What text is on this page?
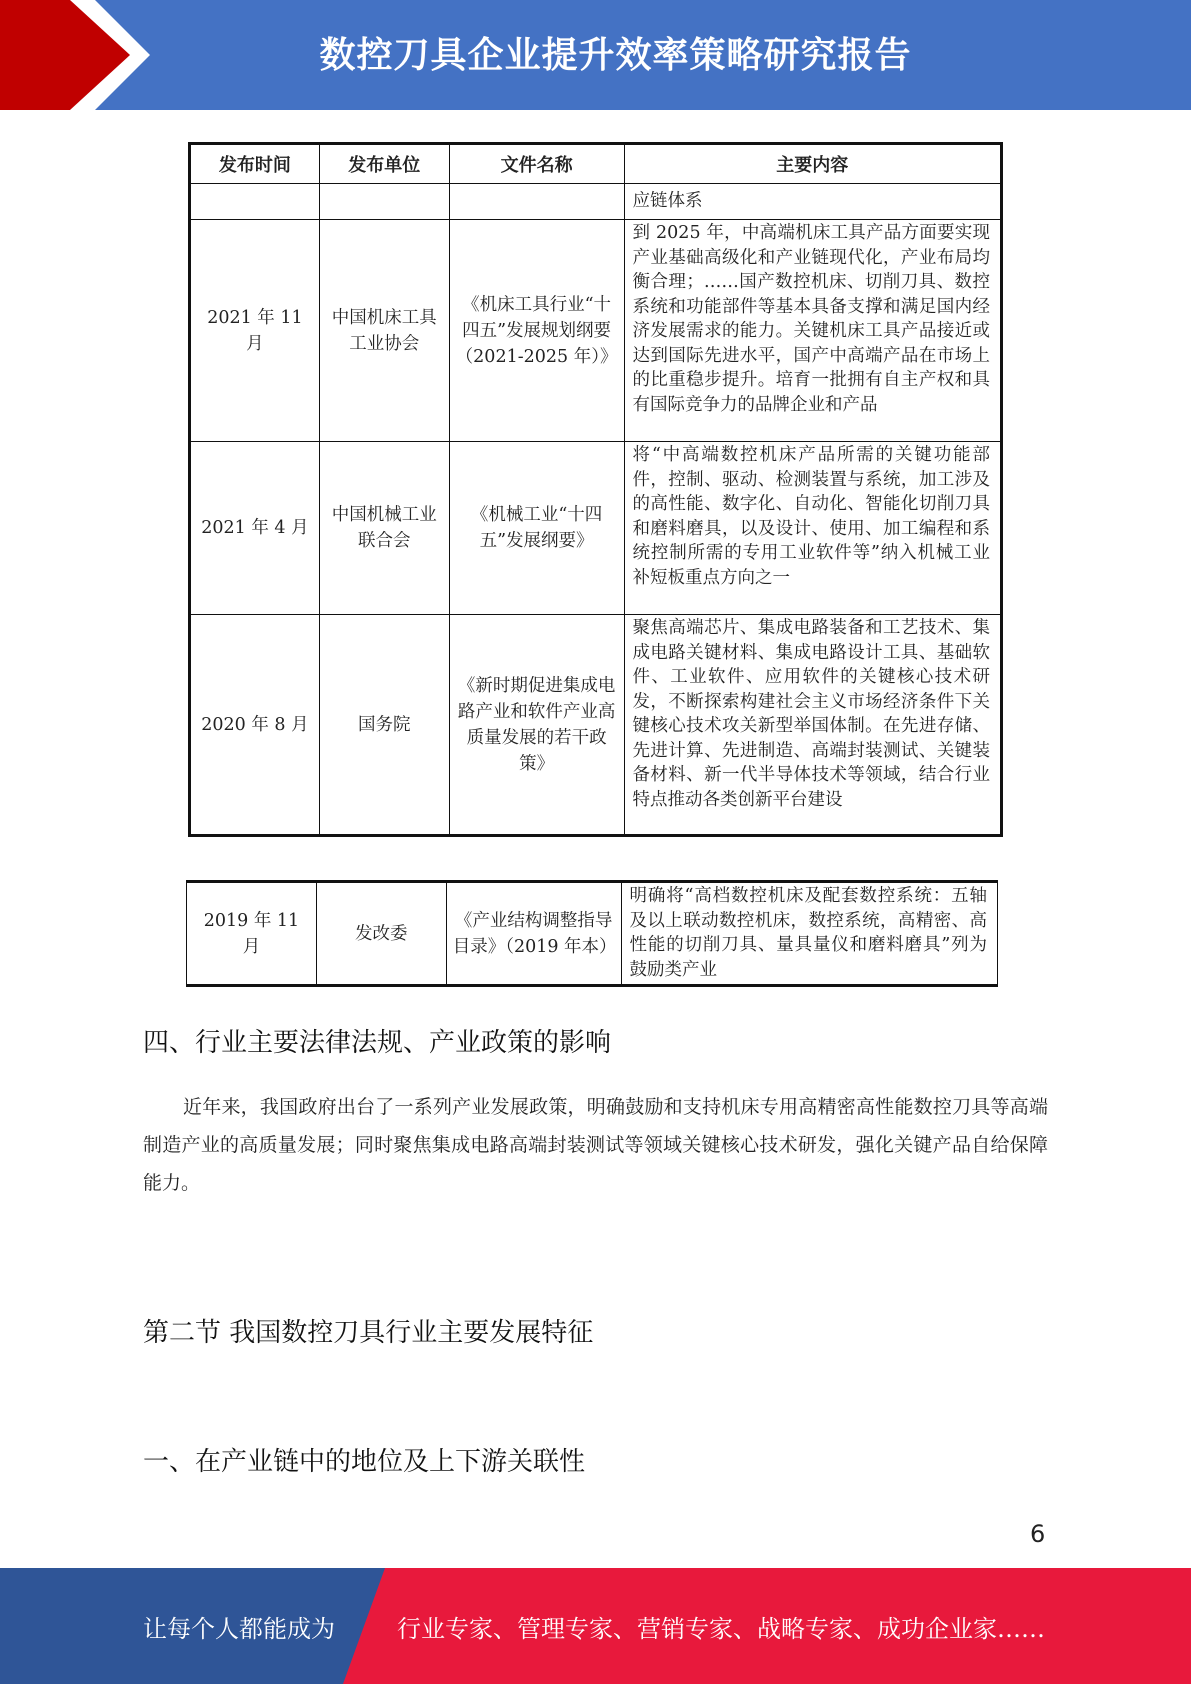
数控刀具企业提升效率策略研究报告
发布时间	发布单位	文件名称	主要内容
			应链体系
2021 年 11 月	中国机床工具工业协会	《机床工具行业“十四五”发展规划纲要（2021-2025 年）》	到 2025 年，中高端机床工具产品方面要实现产业基础高级化和产业链现代化，产业布局均衡合理；……国产数控机床、切削刀具、数控系统和功能部件等基本具备支撑和满足国内经济发展需求的能力。关键机床工具产品接近或达到国际先进水平，国产中高端产品在市场上的比重稳步提升。培育一批拥有自主产权和具有国际竞争力的品牌企业和产品
2021 年 4 月	中国机械工业联合会	《机械工业“十四五”发展纲要》	将“中高端数控机床产品所需的关键功能部件，控制、驱动、检测装置与系统，加工涉及的高性能、数字化、自动化、智能化切削刀具和磨料磨具，以及设计、使用、加工编程和系统控制所需的专用工业软件等”纳入机械工业补短板重点方向之一
2020 年 8 月	国务院	《新时期促进集成电路产业和软件产业高质量发展的若干政策》	聚焦高端芯片、集成电路装备和工艺技术、集成电路关键材料、集成电路设计工具、基础软件、工业软件、应用软件的关键核心技术研发，不断探索构建社会主义市场经济条件下关键核心技术攻关新型举国体制。在先进存储、先进计算、先进制造、高端封装测试、关键装备材料、新一代半导体技术等领域，结合行业特点推动各类创新平台建设
2019 年 11 月	发改委	《产业结构调整指导目录》（2019 年本）	明确将“高档数控机床及配套数控系统：五轴及以上联动数控机床，数控系统，高精密、高性能的切削刀具、量具量仪和磨料磨具”列为鼓励类产业
四、行业主要法律法规、产业政策的影响
近年来，我国政府出台了一系列产业发展政策，明确鼓励和支持机床专用高精密高性能数控刀具等高端制造产业的高质量发展；同时聚焦集成电路高端封装测试等领域关键核心技术研发，强化关键产品自给保障能力。
第二节 我国数控刀具行业主要发展特征
一、在产业链中的地位及上下游关联性
6
让每个人都能成为	行业专家、管理专家、营销专家、战略专家、成功企业家……
